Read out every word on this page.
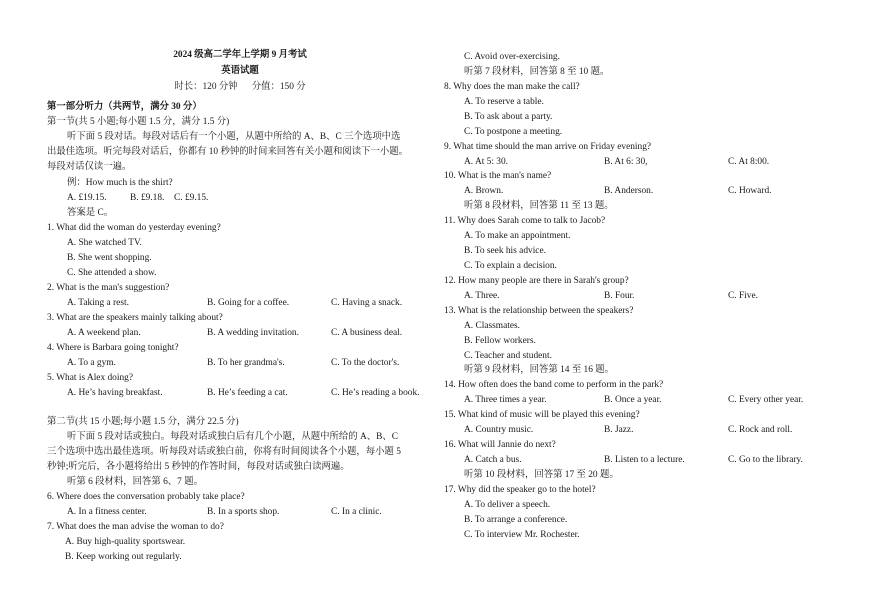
2024 级高二学年上学期 9 月考试
英语试题
时长：120 分钟      分值：150 分
第一部分听力（共两节，满分 30 分）
第一节(共 5 小题;每小题 1.5 分，满分 1.5 分)
听下面 5 段对话。每段对话后有一个小题，从题中所给的 A、B、C 三个选项中选
出最佳选项。听完每段对话后，你都有 10 秒钟的时间来回答有关小题和阅读下一小题。
每段对话仅读一遍。
例：How much is the shirt?
A. £19.15. B. £9.18. C. £9.15.
答案是 C。
1. What did the woman do yesterday evening?
A. She watched TV.
B. She went shopping.
C. She attended a show.
2. What is the man's suggestion?
A. Taking a rest.	B. Going for a coffee.	C. Having a snack.
3. What are the speakers mainly talking about?
A. A weekend plan.	B. A wedding invitation.	C. A business deal.
4. Where is Barbara going tonight?
A. To a gym.	B. To her grandma's.	C. To the doctor's.
5. What is Alex doing?
A. He’s having breakfast.	B. He’s feeding a cat.	C. He’s reading a book.
第二节(共 15 小题;每小题 1.5 分，满分 22.5 分)
听下面 5 段对话或独白。每段对话或独白后有几个小题，从题中所给的 A、B、C
三个选项中选出最佳选项。听每段对话或独白前，你将有时间阅读各个小题，每小题 5
秒钟;听完后，各小题将给出 5 秒钟的作答时间，每段对话或独白读两遍。
听第 6 段材料，回答第 6、7 题。
6. Where does the conversation probably take place?
A. In a fitness center.	B. In a sports shop.	C. In a clinic.
7. What does the man advise the woman to do?
A. Buy high-quality sportswear.
B. Keep working out regularly.
C. Avoid over-exercising.
听第 7 段材料，回答第 8 至 10 题。
8. Why does the man make the call?
A. To reserve a table.
B. To ask about a party.
C. To postpone a meeting.
9. What time should the man arrive on Friday evening?
A. At 5: 30.	B. At 6: 30,	C. At 8:00.
10. What is the man's name?
A. Brown.	B. Anderson.	C. Howard.
听第 8 段材料，回答第 11 至 13 题。
11. Why does Sarah come to talk to Jacob?
A. To make an appointment.
B. To seek his advice.
C. To explain a decision.
12. How many people are there in Sarah's group?
A. Three.	B. Four.	C. Five.
13. What is the relationship between the speakers?
A. Classmates.
B. Fellow workers.
C. Teacher and student.
听第 9 段材料，回答第 14 至 16 题。
14. How often does the band come to perform in the park?
A. Three times a year.	B. Once a year.	C. Every other year.
15. What kind of music will be played this evening?
A. Country music.	B. Jazz.	C. Rock and roll.
16. What will Jannie do next?
A. Catch a bus.	B. Listen to a lecture.	C. Go to the library.
听第 10 段材料，回答第 17 至 20 题。
17. Why did the speaker go to the hotel?
A. To deliver a speech.
B. To arrange a conference.
C. To interview Mr. Rochester.
